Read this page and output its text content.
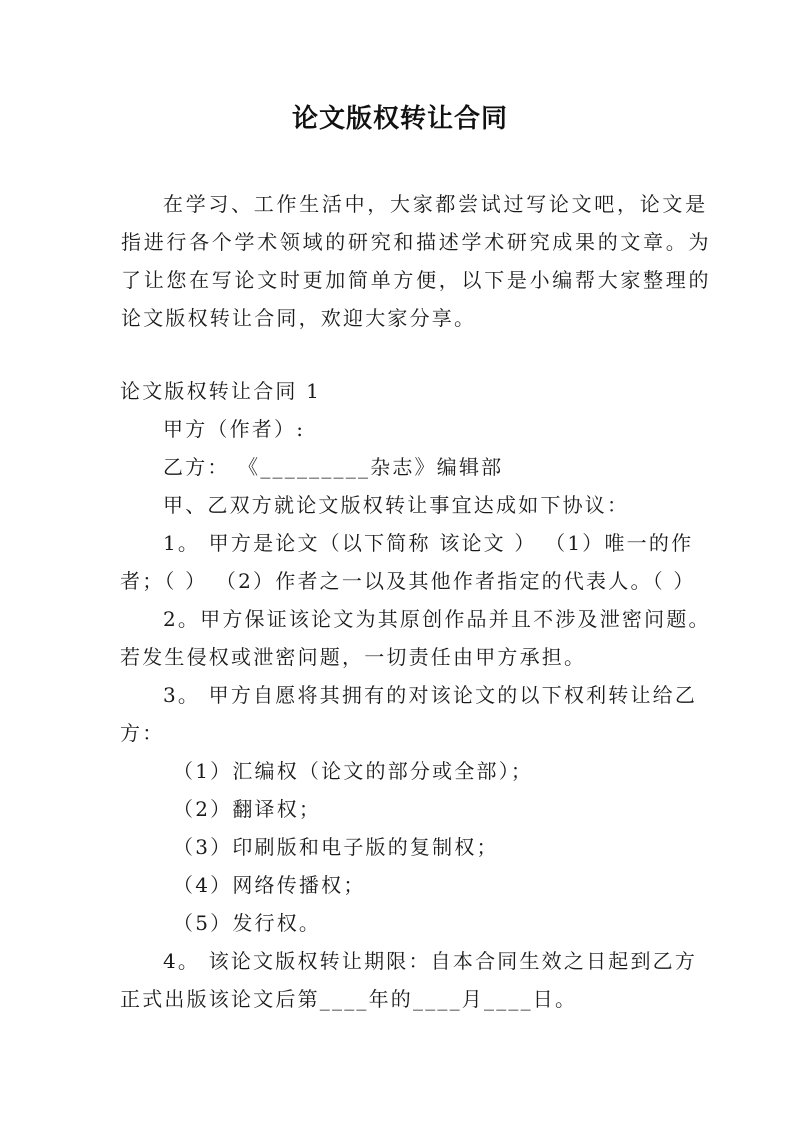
论文版权转让合同
在学习、工作生活中，大家都尝试过写论文吧，论文是
指进行各个学术领域的研究和描述学术研究成果的文章。为
了让您在写论文时更加简单方便，以下是小编帮大家整理的
论文版权转让合同，欢迎大家分享。
论文版权转让合同 1
甲方（作者）:
乙方： 《_________杂志》编辑部
甲、乙双方就论文版权转让事宜达成如下协议：
1。 甲方是论文（以下简称 该论文 ） （1）唯一的作
者；（ ） （2）作者之一以及其他作者指定的代表人。（ ）
2。甲方保证该论文为其原创作品并且不涉及泄密问题。
若发生侵权或泄密问题，一切责任由甲方承担。
3。 甲方自愿将其拥有的对该论文的以下权利转让给乙
方：
（1）汇编权（论文的部分或全部）；
（2）翻译权；
（3）印刷版和电子版的复制权；
（4）网络传播权；
（5）发行权。
4。 该论文版权转让期限：自本合同生效之日起到乙方
正式出版该论文后第____年的____月____日。
